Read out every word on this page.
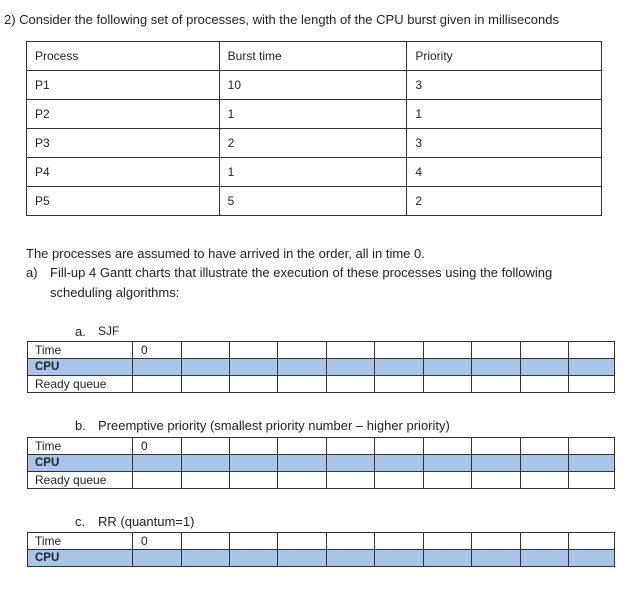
2) Consider the following set of processes, with the length of the CPU burst given in milliseconds
Process	Burst time	Priority
P1	10	3
P2	1	1
P3	2	3
P4	1	4
P5	5	2
The processes are assumed to have arrived in the order, all in time 0.
a) Fill-up 4 Gantt charts that illustrate the execution of these processes using the following
scheduling algorithms:
a. SJF
Time	0									
CPU										
Ready queue										
b. Preemptive priority (smallest priority number – higher priority)
Time	0									
CPU										
Ready queue										
c. RR (quantum=1)
Time	0									
CPU										
